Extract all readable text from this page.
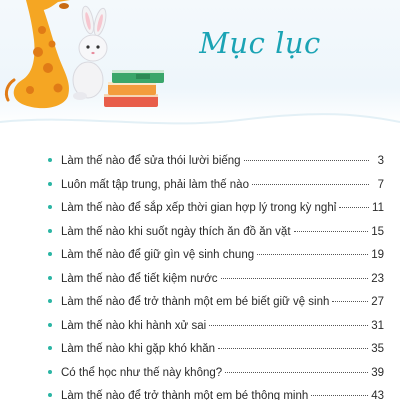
Mục lục
Làm thế nào để sửa thói lười biếng	3
Luôn mất tập trung, phải làm thế nào	7
Làm thế nào để sắp xếp thời gian hợp lý trong kỳ nghỉ	11
Làm thế nào khi suốt ngày thích ăn đồ ăn vặt	15
Làm thế nào để giữ gìn vệ sinh chung	19
Làm thế nào để tiết kiệm nước	23
Làm thế nào để trở thành một em bé biết giữ vệ sinh	27
Làm thế nào khi hành xử sai	31
Làm thế nào khi gặp khó khăn	35
Có thể học như thế này không?	39
Làm thế nào để trở thành một em bé thông minh	43
